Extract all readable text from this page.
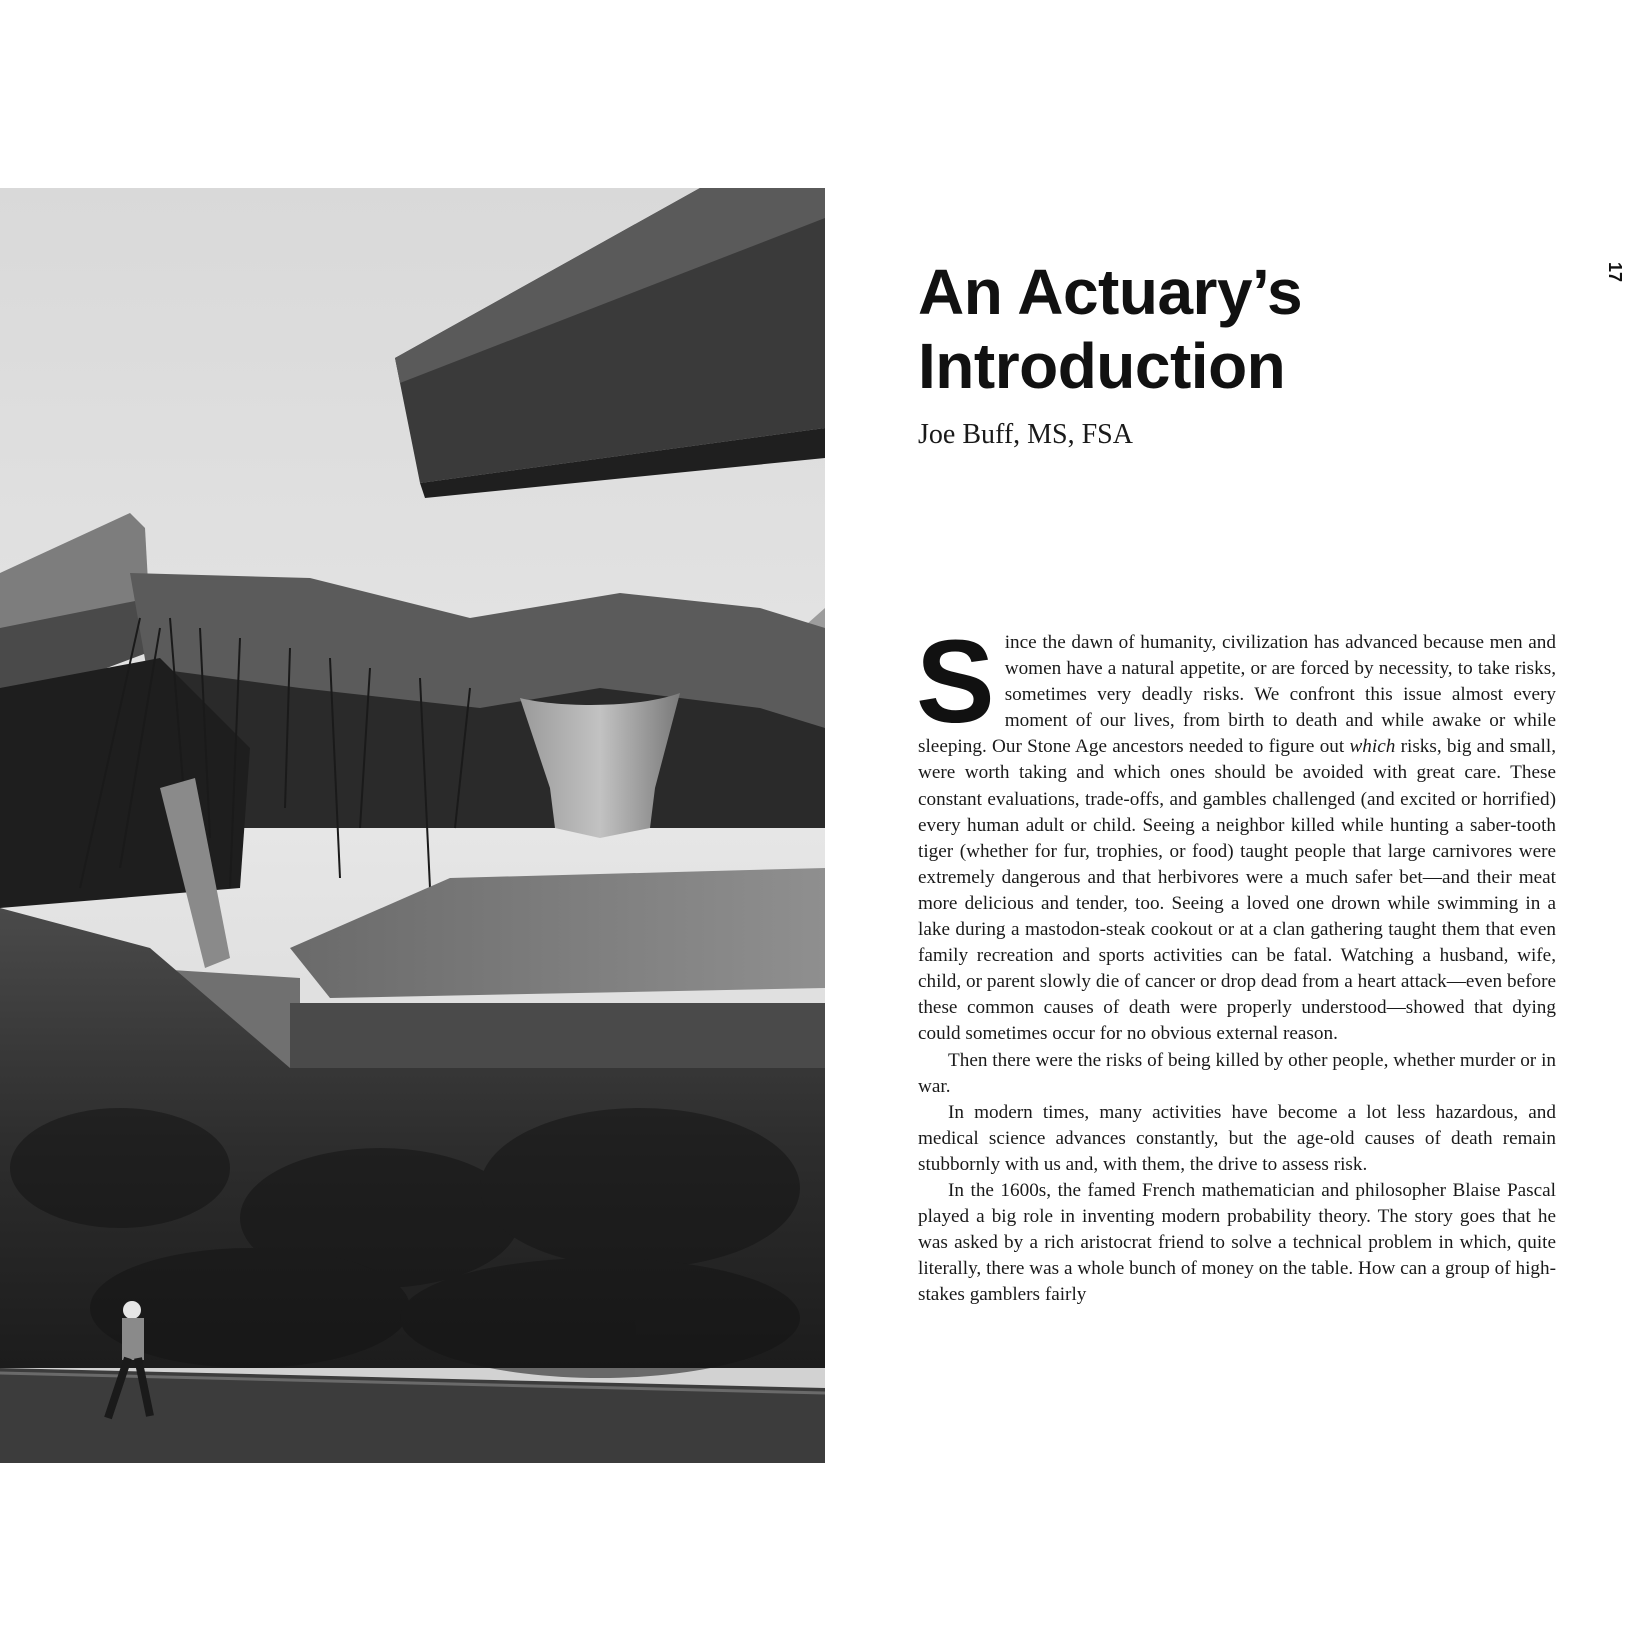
An Actuary’s Introduction

Joe Buff, MS, FSA

17

Since the dawn of humanity, civilization has advanced because men and women have a natural appetite, or are forced by necessity, to take risks, sometimes very deadly risks. We confront this issue almost every moment of our lives, from birth to death and while awake or while sleeping. Our Stone Age ancestors needed to figure out which risks, big and small, were worth taking and which ones should be avoided with great care. These constant evaluations, trade-offs, and gambles challenged (and excited or horrified) every human adult or child. Seeing a neighbor killed while hunting a saber-tooth tiger (whether for fur, trophies, or food) taught people that large carnivores were extremely dangerous and that herbivores were a much safer bet—and their meat more delicious and tender, too. Seeing a loved one drown while swimming in a lake during a mastodon-steak cookout or at a clan gathering taught them that even family recreation and sports activities can be fatal. Watching a husband, wife, child, or parent slowly die of cancer or drop dead from a heart attack—even before these common causes of death were properly understood—showed that dying could sometimes occur for no obvious external reason.

Then there were the risks of being killed by other people, whether murder or in war.

In modern times, many activities have become a lot less hazardous, and medical science advances constantly, but the age-old causes of death remain stubbornly with us and, with them, the drive to assess risk.

In the 1600s, the famed French mathematician and philosopher Blaise Pascal played a big role in inventing modern probability theory. The story goes that he was asked by a rich aristocrat friend to solve a technical problem in which, quite literally, there was a whole bunch of money on the table. How can a group of high-stakes gamblers fairly
